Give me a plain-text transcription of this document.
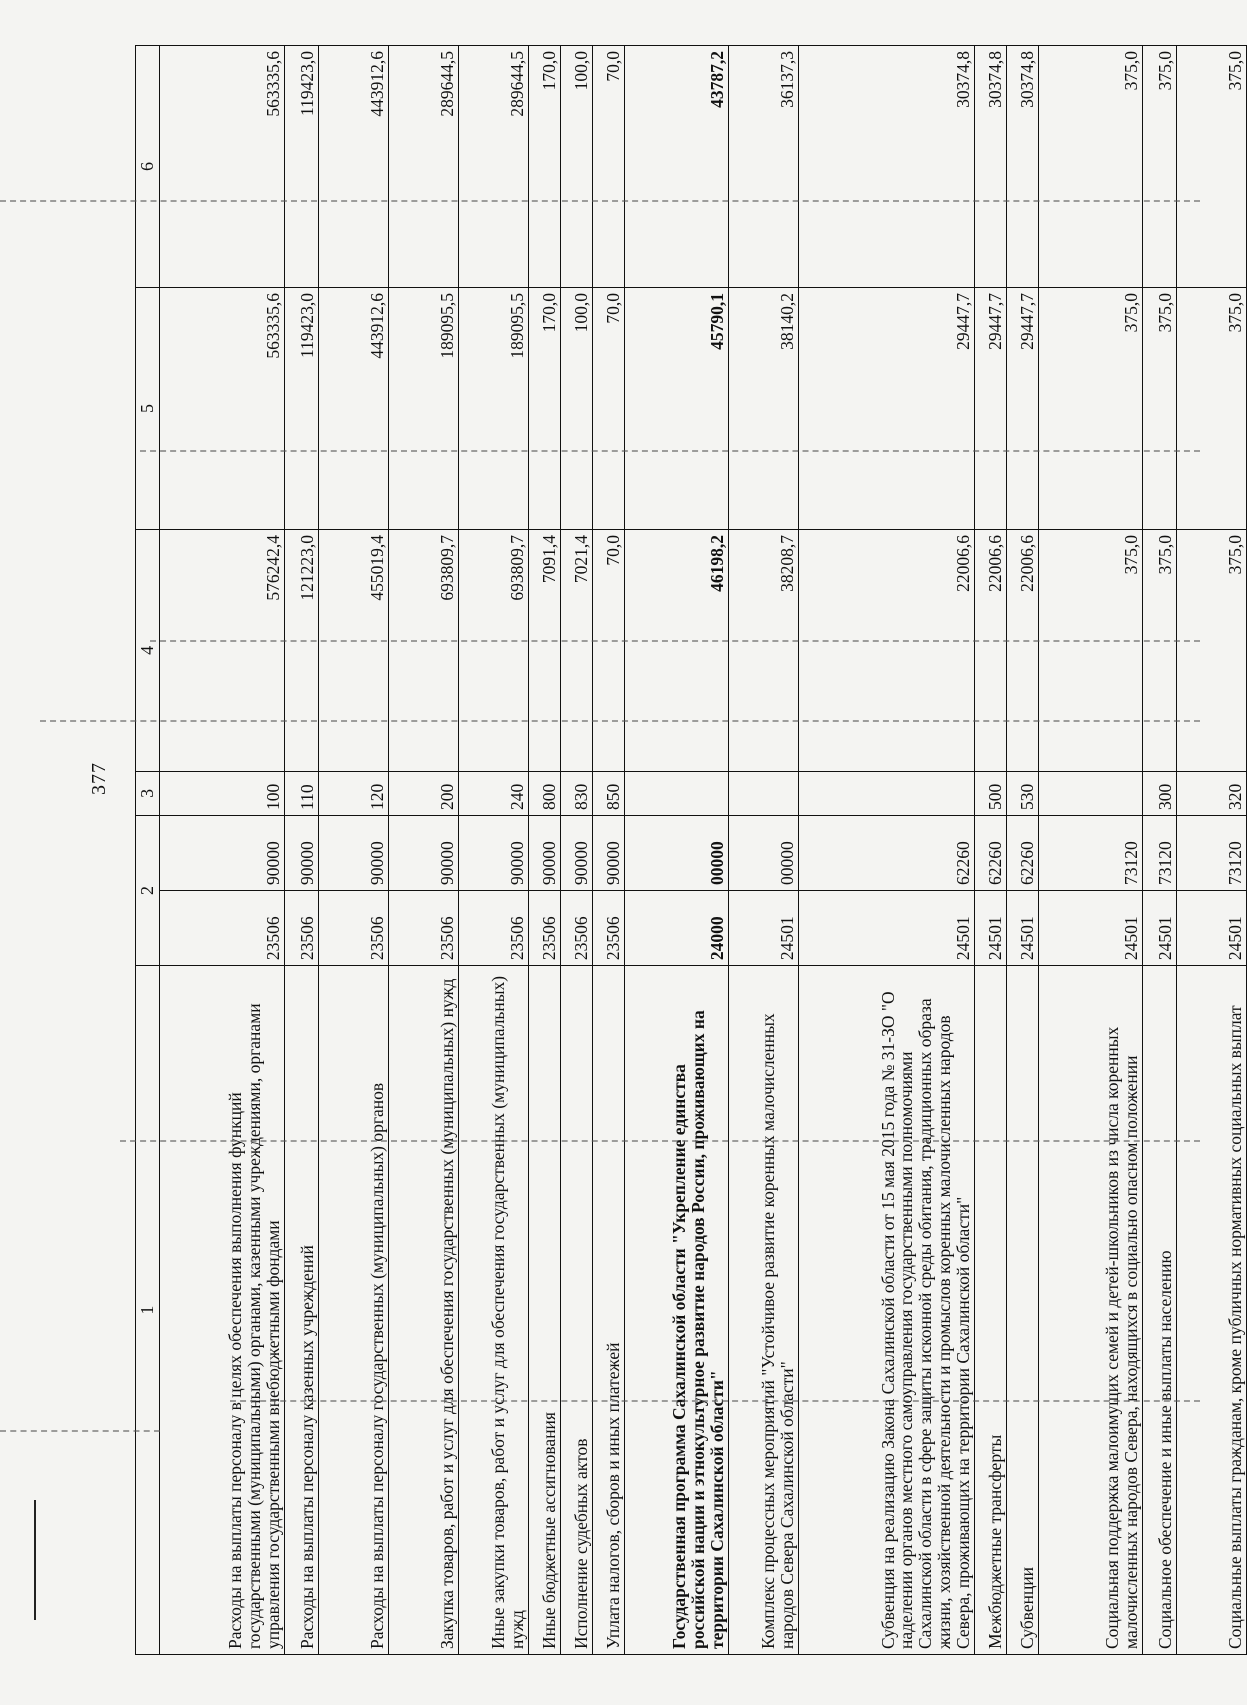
377
1	2		3	4	5	6
Расходы на выплаты персоналу в целях обеспечения выполнения функций государственными (муниципальными) органами, казенными учреждениями, органами управления государственными внебюджетными фондами	23506	90000	100	576242,4	563335,6	563335,6
Расходы на выплаты персоналу казенных учреждений	23506	90000	110	121223,0	119423,0	119423,0
Расходы на выплаты персоналу государственных (муниципальных) органов	23506	90000	120	455019,4	443912,6	443912,6
Закупка товаров, работ и услуг для обеспечения государственных (муниципальных) нужд	23506	90000	200	693809,7	189095,5	289644,5
Иные закупки товаров, работ и услуг для обеспечения государственных (муниципальных) нужд	23506	90000	240	693809,7	189095,5	289644,5
Иные бюджетные ассигнования	23506	90000	800	7091,4	170,0	170,0
Исполнение судебных актов	23506	90000	830	7021,4	100,0	100,0
Уплата налогов, сборов и иных платежей	23506	90000	850	70,0	70,0	70,0
Государственная программа Сахалинской области "Укрепление единства российской нации и этнокультурное развитие народов России, проживающих на территории Сахалинской области"	24000	00000		46198,2	45790,1	43787,2
Комплекс процессных мероприятий "Устойчивое развитие коренных малочисленных народов Севера Сахалинской области"	24501	00000		38208,7	38140,2	36137,3
Субвенция на реализацию Закона Сахалинской области от 15 мая 2015 года № 31-ЗО "О наделении органов местного самоуправления государственными полномочиями Сахалинской области в сфере защиты исконной среды обитания, традиционных образа жизни, хозяйственной деятельности и промыслов коренных малочисленных народов Севера, проживающих на территории Сахалинской области"	24501	62260		22006,6	29447,7	30374,8
Межбюджетные трансферты	24501	62260	500	22006,6	29447,7	30374,8
Субвенции	24501	62260	530	22006,6	29447,7	30374,8
Социальная поддержка малоимущих семей и детей-школьников из числа коренных малочисленных народов Севера, находящихся в социально опасном положении	24501	73120		375,0	375,0	375,0
Социальное обеспечение и иные выплаты населению	24501	73120	300	375,0	375,0	375,0
Социальные выплаты гражданам, кроме публичных нормативных социальных выплат	24501	73120	320	375,0	375,0	375,0
